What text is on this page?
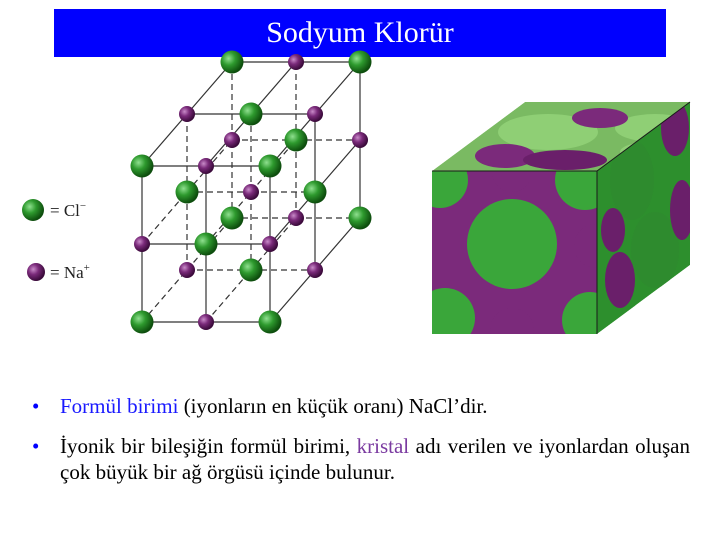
Sodyum Klorür
= Cl−
= Na+
• Formül birimi (iyonların en küçük oranı) NaCl’dir.
• İyonik bir bileşiğin formül birimi, kristal adı verilen ve iyonlardan oluşan çok büyük bir ağ örgüsü içinde bulunur.
